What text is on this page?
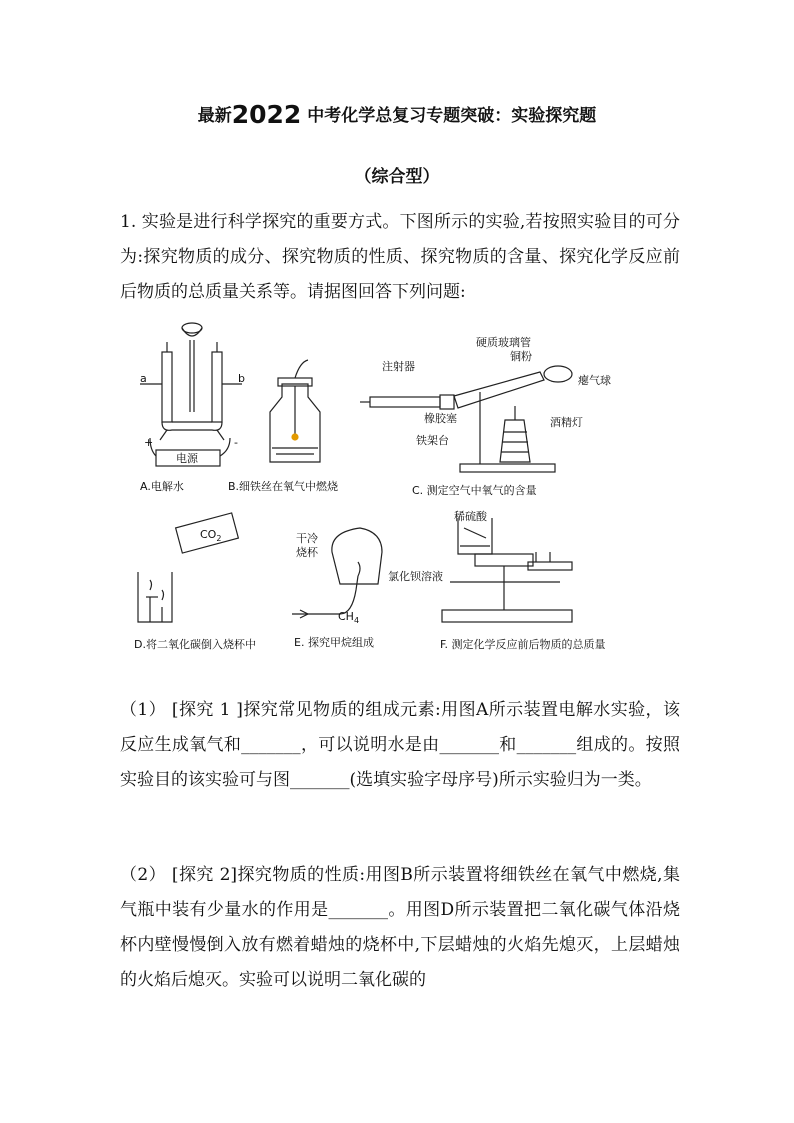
最新2022 中考化学总复习专题突破：实验探究题
（综合型）

1. 实验是进行科学探究的重要方式。下图所示的实验,若按照实验目的可分为:探究物质的成分、探究物质的性质、探究物质的含量、探究化学反应前后物质的总质量关系等。请据图回答下列问题:

a	b
+	-
电源
A.电解水	B.细铁丝在氧气中燃烧
注射器
硬质玻璃管
铜粉
瘪气球
橡胶塞	酒精灯
铁架台
C. 测定空气中氧气的含量
$CO_2$
D.将二氧化碳倒入烧杯中
干冷
烧杯
$CH_4$
E. 探究甲烷组成
稀硫酸
氯化钡溶液
F. 测定化学反应前后物质的总质量

（1） [探究 1 ]探究常见物质的组成元素:用图A所示装置电解水实验，该反应生成氧气和_______，可以说明水是由_______和_______组成的。按照实验目的该实验可与图_______(选填实验字母序号)所示实验归为一类。

（2） [探究 2]探究物质的性质:用图B所示装置将细铁丝在氧气中燃烧,集气瓶中装有少量水的作用是_______。用图D所示装置把二氧化碳气体沿烧杯内壁慢慢倒入放有燃着蜡烛的烧杯中,下层蜡烛的火焰先熄灭，上层蜡烛的火焰后熄灭。实验可以说明二氧化碳的
